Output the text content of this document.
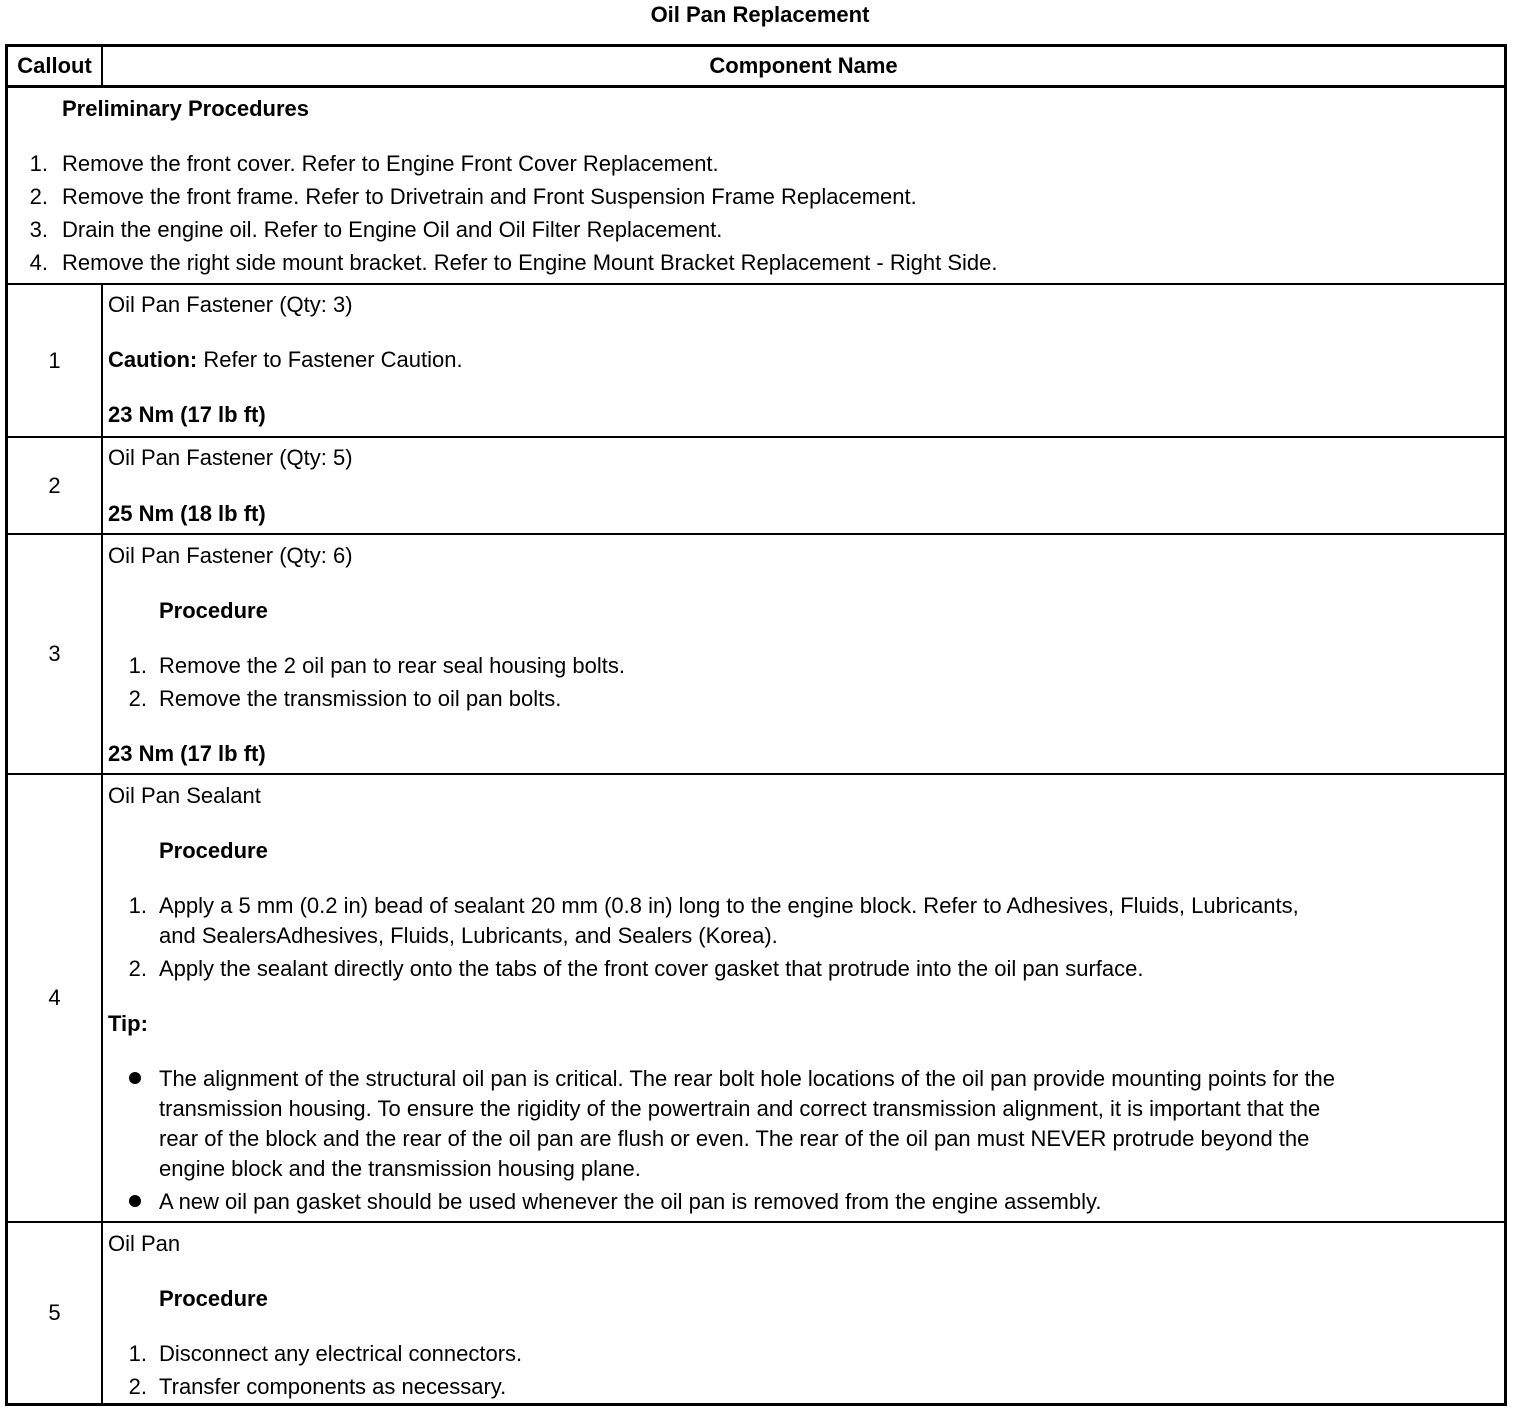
Oil Pan Replacement
Callout	Component Name
Preliminary Procedures
1. Remove the front cover. Refer to Engine Front Cover Replacement.
2. Remove the front frame. Refer to Drivetrain and Front Suspension Frame Replacement.
3. Drain the engine oil. Refer to Engine Oil and Oil Filter Replacement.
4. Remove the right side mount bracket. Refer to Engine Mount Bracket Replacement - Right Side.
1
Oil Pan Fastener (Qty: 3)
Caution: Refer to Fastener Caution.
23 Nm (17 lb ft)
2
Oil Pan Fastener (Qty: 5)
25 Nm (18 lb ft)
3
Oil Pan Fastener (Qty: 6)
Procedure
1. Remove the 2 oil pan to rear seal housing bolts.
2. Remove the transmission to oil pan bolts.
23 Nm (17 lb ft)
4
Oil Pan Sealant
Procedure
1. Apply a 5 mm (0.2 in) bead of sealant 20 mm (0.8 in) long to the engine block. Refer to Adhesives, Fluids, Lubricants,
and SealersAdhesives, Fluids, Lubricants, and Sealers (Korea).
2. Apply the sealant directly onto the tabs of the front cover gasket that protrude into the oil pan surface.
Tip:
The alignment of the structural oil pan is critical. The rear bolt hole locations of the oil pan provide mounting points for the
transmission housing. To ensure the rigidity of the powertrain and correct transmission alignment, it is important that the
rear of the block and the rear of the oil pan are flush or even. The rear of the oil pan must NEVER protrude beyond the
engine block and the transmission housing plane.
A new oil pan gasket should be used whenever the oil pan is removed from the engine assembly.
5
Oil Pan
Procedure
1. Disconnect any electrical connectors.
2. Transfer components as necessary.
